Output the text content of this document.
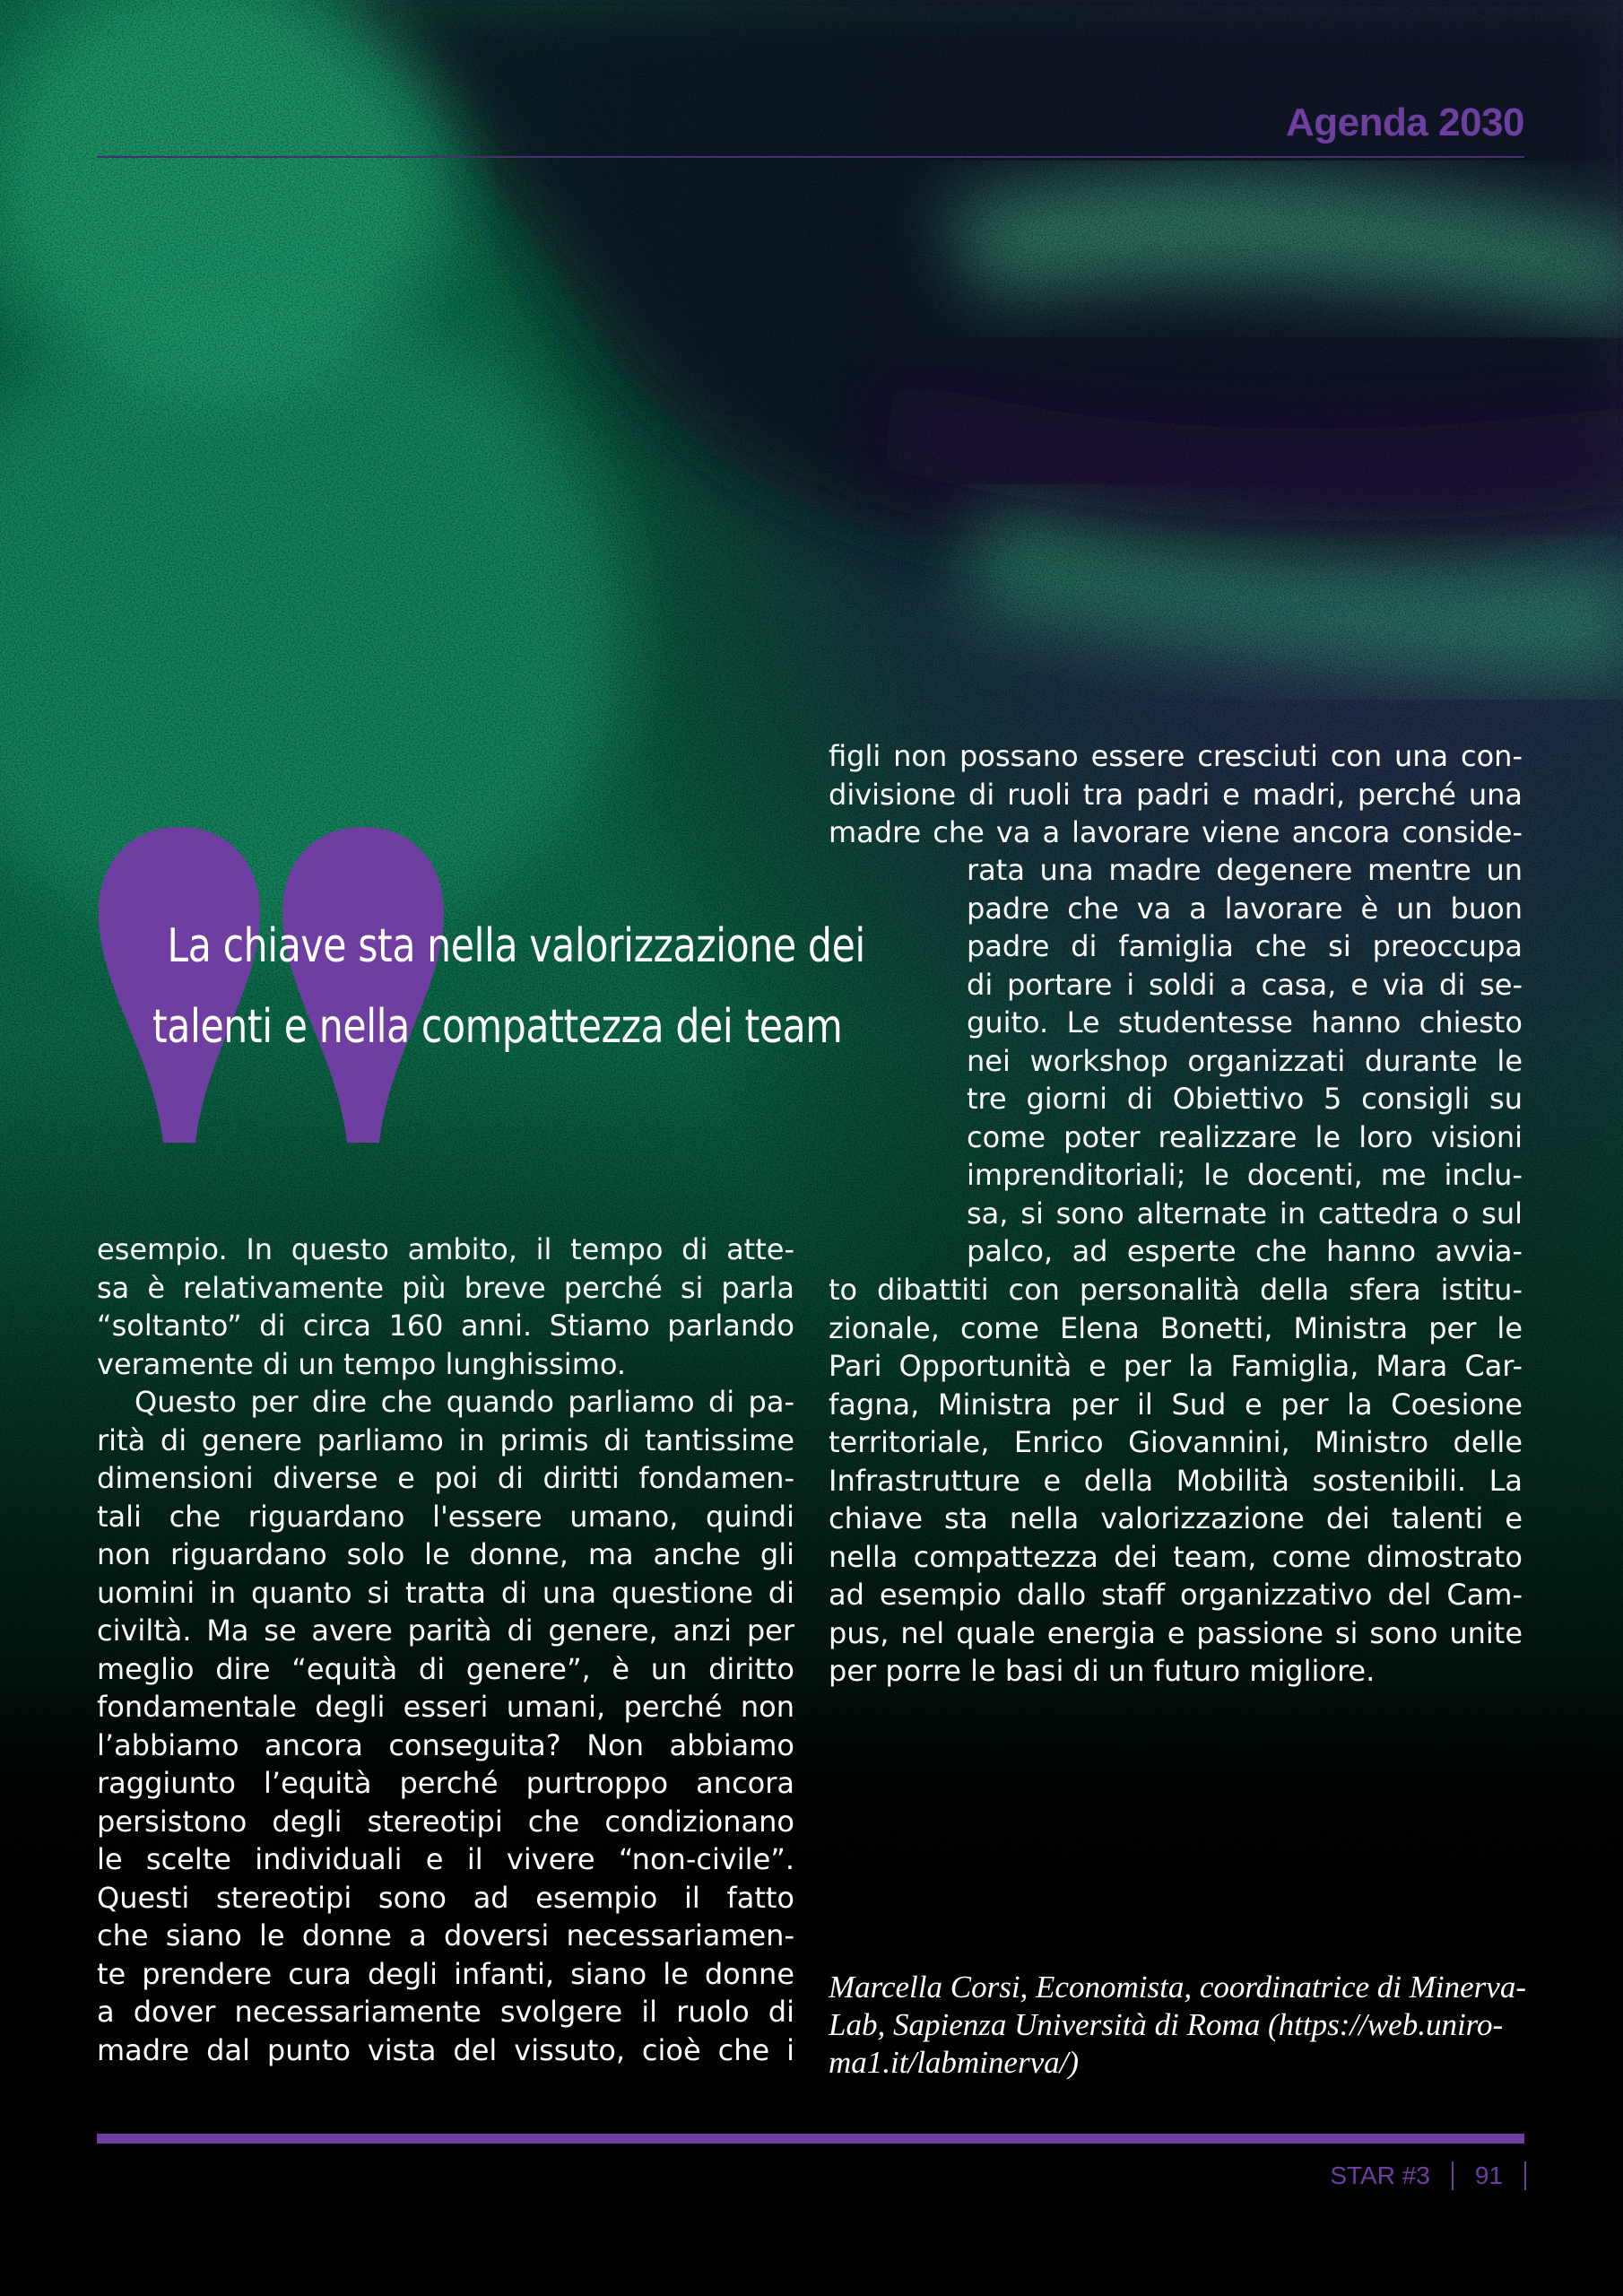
Agenda 2030
La chiave sta nella valorizzazione dei
talenti e nella compattezza dei team
esempio. In questo ambito, il tempo di atte-
sa è relativamente più breve perché si parla
“soltanto” di circa 160 anni. Stiamo parlando
veramente di un tempo lunghissimo.
Questo per dire che quando parliamo di pa-
rità di genere parliamo in primis di tantissime
dimensioni diverse e poi di diritti fondamen-
tali che riguardano l'essere umano, quindi
non riguardano solo le donne, ma anche gli
uomini in quanto si tratta di una questione di
civiltà. Ma se avere parità di genere, anzi per
meglio dire “equità di genere”, è un diritto
fondamentale degli esseri umani, perché non
l’abbiamo ancora conseguita? Non abbiamo
raggiunto l’equità perché purtroppo ancora
persistono degli stereotipi che condizionano
le scelte individuali e il vivere “non-civile”.
Questi stereotipi sono ad esempio il fatto
che siano le donne a doversi necessariamen-
te prendere cura degli infanti, siano le donne
a dover necessariamente svolgere il ruolo di
madre dal punto vista del vissuto, cioè che i
figli non possano essere cresciuti con una con-
divisione di ruoli tra padri e madri, perché una
madre che va a lavorare viene ancora conside-
rata una madre degenere mentre un
padre che va a lavorare è un buon
padre di famiglia che si preoccupa
di portare i soldi a casa, e via di se-
guito. Le studentesse hanno chiesto
nei workshop organizzati durante le
tre giorni di Obiettivo 5 consigli su
come poter realizzare le loro visioni
imprenditoriali; le docenti, me inclu-
sa, si sono alternate in cattedra o sul
palco, ad esperte che hanno avvia-
to dibattiti con personalità della sfera istitu-
zionale, come Elena Bonetti, Ministra per le
Pari Opportunità e per la Famiglia, Mara Car-
fagna, Ministra per il Sud e per la Coesione
territoriale, Enrico Giovannini, Ministro delle
Infrastrutture e della Mobilità sostenibili. La
chiave sta nella valorizzazione dei talenti e
nella compattezza dei team, come dimostrato
ad esempio dallo staff organizzativo del Cam-
pus, nel quale energia e passione si sono unite
per porre le basi di un futuro migliore.
Marcella Corsi, Economista, coordinatrice di Minerva-
Lab, Sapienza Università di Roma (https://web.uniro-
ma1.it/labminerva/)
STAR #3 91
